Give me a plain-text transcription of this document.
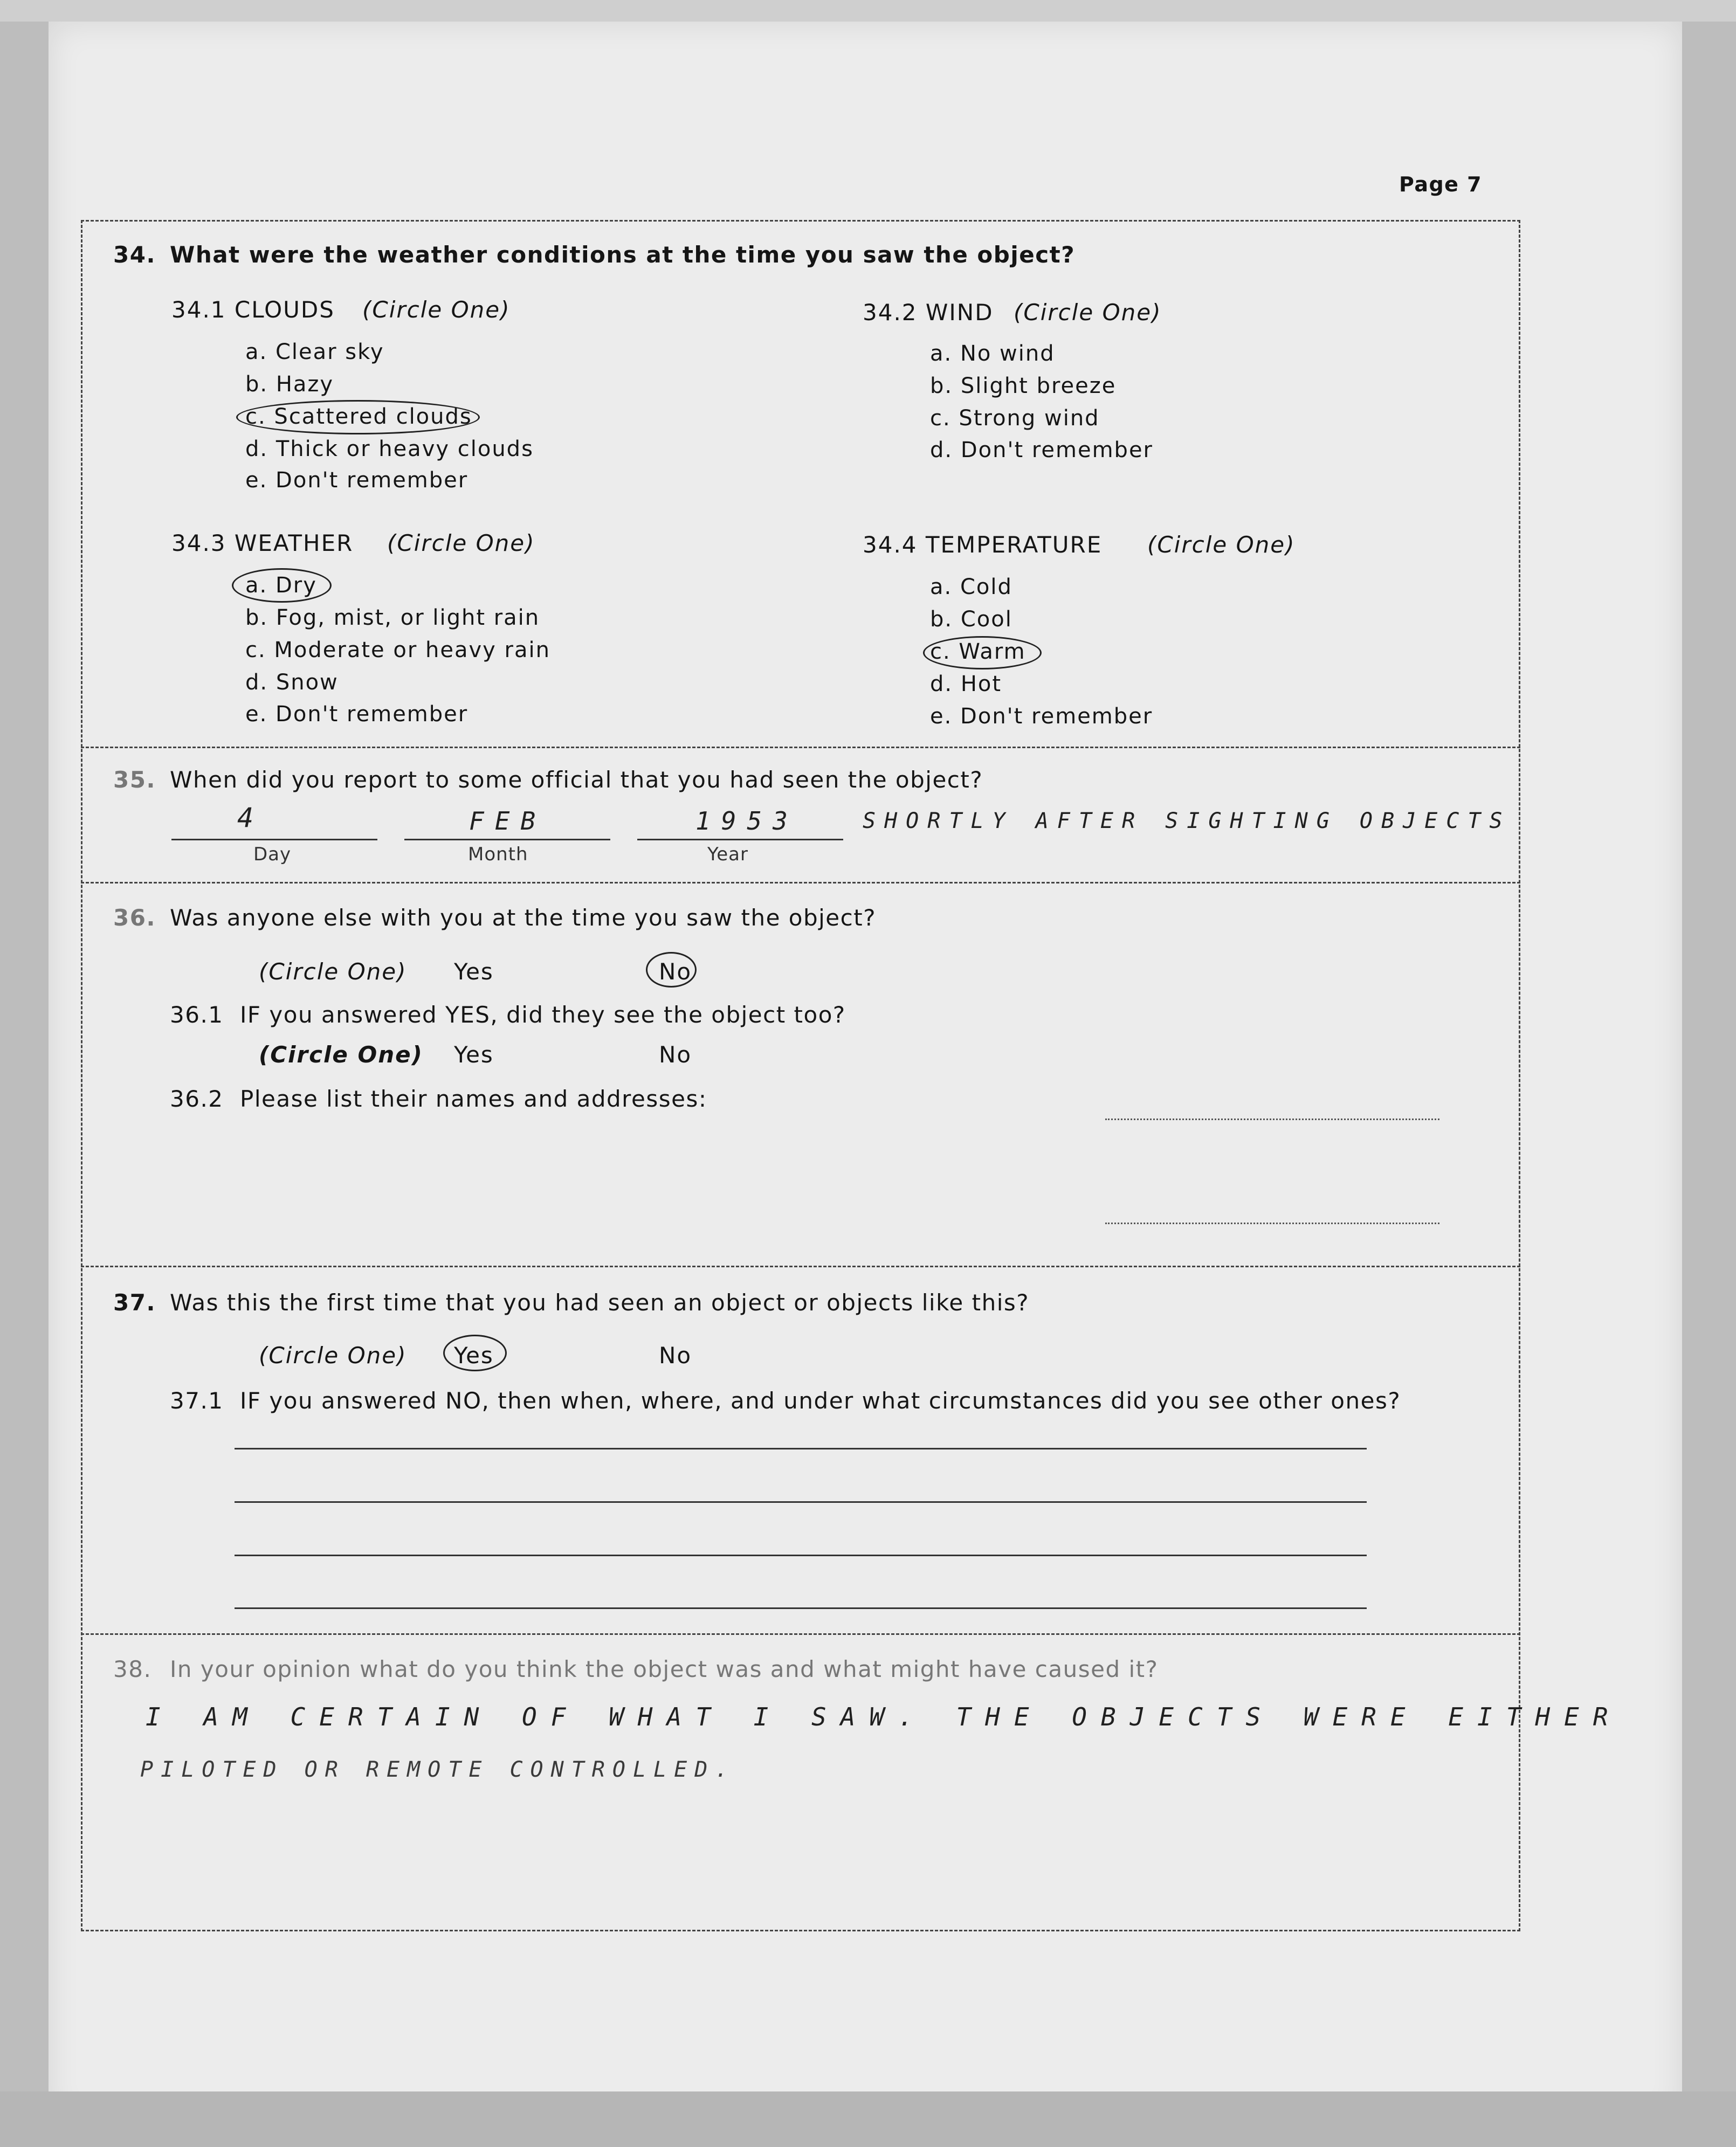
Page 7
34. What were the weather conditions at the time you saw the object?
34.1 CLOUDS (Circle One)
a. Clear sky
b. Hazy
c. Scattered clouds
d. Thick or heavy clouds
e. Don't remember
34.2 WIND (Circle One)
a. No wind
b. Slight breeze
c. Strong wind
d. Don't remember
34.3 WEATHER (Circle One)
a. Dry
b. Fog, mist, or light rain
c. Moderate or heavy rain
d. Snow
e. Don't remember
34.4 TEMPERATURE (Circle One)
a. Cold
b. Cool
c. Warm
d. Hot
e. Don't remember
35. When did you report to some official that you had seen the object?
4	FEB	1953	SHORTLY AFTER SIGHTING OBJECTS
Day	Month	Year
36. Was anyone else with you at the time you saw the object?
(Circle One) Yes	No
36.1 IF you answered YES, did they see the object too?
(Circle One) Yes	No
36.2 Please list their names and addresses:
37. Was this the first time that you had seen an object or objects like this?
(Circle One) Yes	No
37.1 IF you answered NO, then when, where, and under what circumstances did you see other ones?
38. In your opinion what do you think the object was and what might have caused it?
I AM CERTAIN OF WHAT I SAW. THE OBJECTS WERE EITHER
PILOTED OR REMOTE CONTROLLED.
